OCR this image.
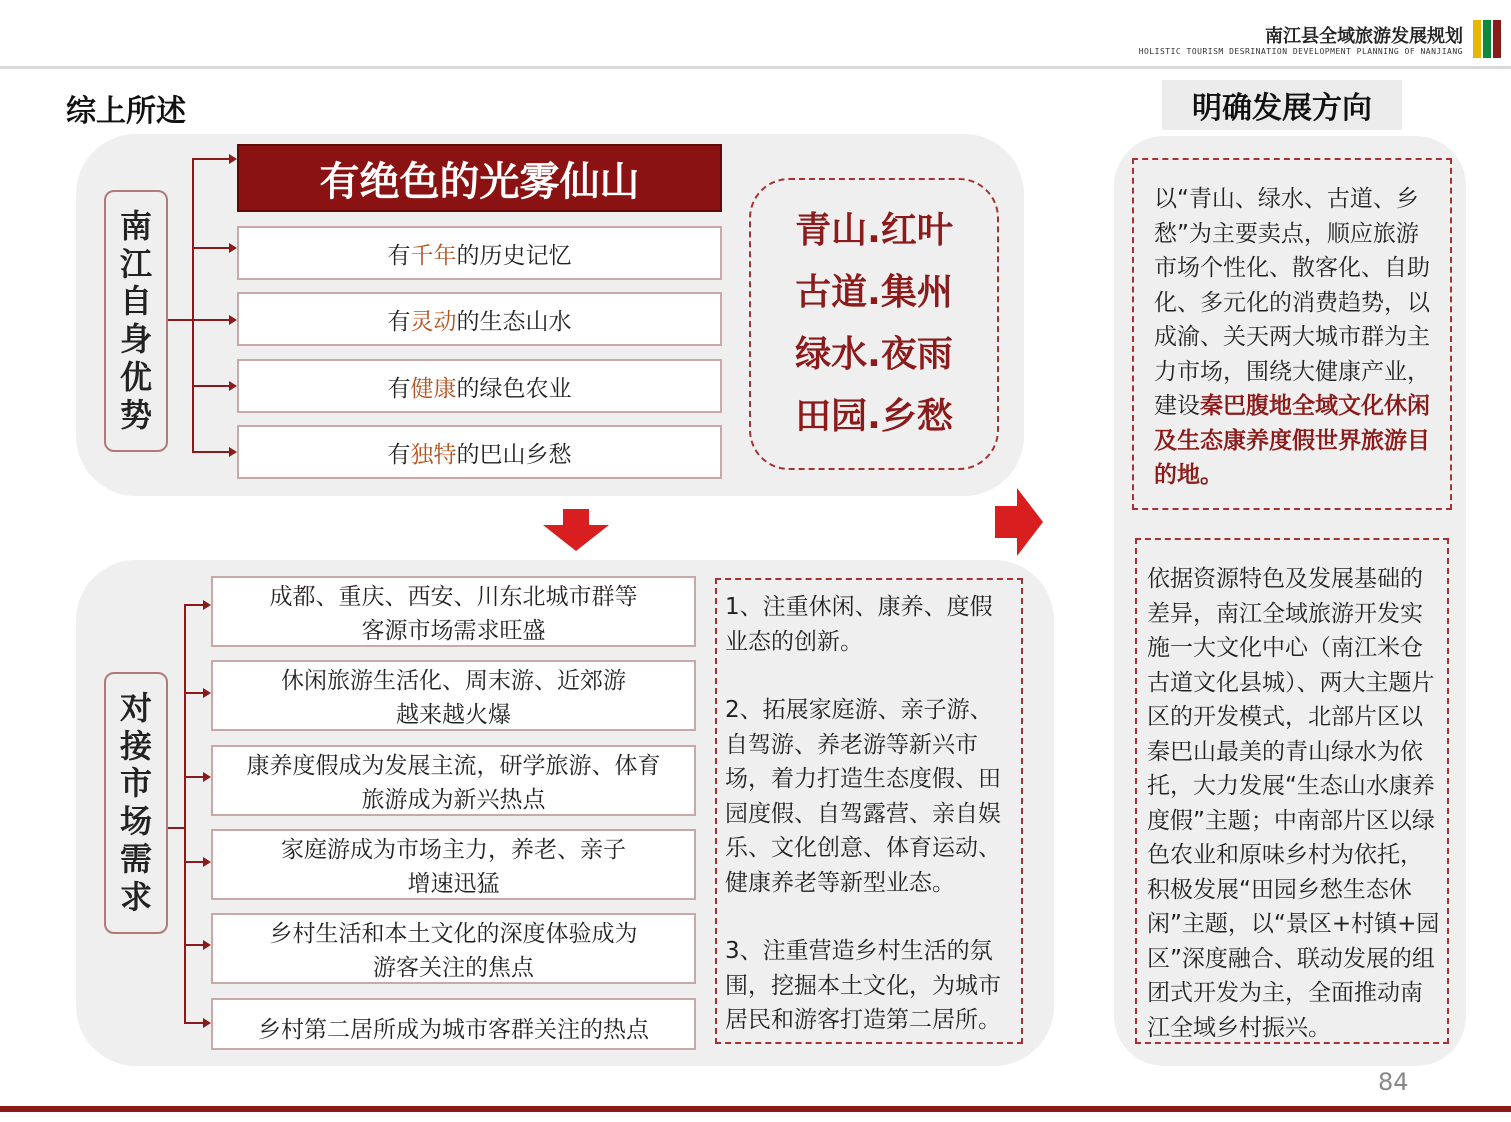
南江县全域旅游发展规划
HOLISTIC TOURISM DESRINATION DEVELOPMENT PLANNING OF NANJIANG
综上所述	明确发展方向
南
江
自
身
优
势
有绝色的光雾仙山
有 千年 的历史记忆
有 灵动 的生态山水
有 健康 的绿色农业
有 独特 的巴山乡愁
青山.红叶
古道.集州
绿水.夜雨
田园.乡愁
对
接
市
场
需
求
成都、重庆、西安、川东北城市群等
客源市场需求旺盛
休闲旅游生活化、周末游、近郊游
越来越火爆
康养度假成为发展主流，研学旅游、体育
旅游成为新兴热点
家庭游成为市场主力，养老、亲子
增速迅猛
乡村生活和本土文化的深度体验成为
游客关注的焦点
乡村第二居所成为城市客群关注的热点

1、注重休闲、康养、度假业态的创新。

2、拓展家庭游、亲子游、自驾游、养老游等新兴市场，着力打造生态度假、田园度假、自驾露营、亲自娱乐、文化创意、体育运动、健康养老等新型业态。

3、注重营造乡村生活的氛围，挖掘本土文化，为城市居民和游客打造第二居所。

以“青山、绿水、古道、乡愁”为主要卖点，顺应旅游市场个性化、散客化、自助化、多元化的消费趋势，以成渝、关天两大城市群为主力市场，围绕大健康产业，建设秦巴腹地全域文化休闲及生态康养度假世界旅游目的地。
依据资源特色及发展基础的差异，南江全域旅游开发实施一大文化中心（南江米仓古道文化县城）、两大主题片区的开发模式，北部片区以秦巴山最美的青山绿水为依托，大力发展“生态山水康养度假”主题；中南部片区以绿色农业和原味乡村为依托，积极发展“田园乡愁生态休闲”主题，以“景区+村镇+园区”深度融合、联动发展的组团式开发为主，全面推动南江全域乡村振兴。
84
